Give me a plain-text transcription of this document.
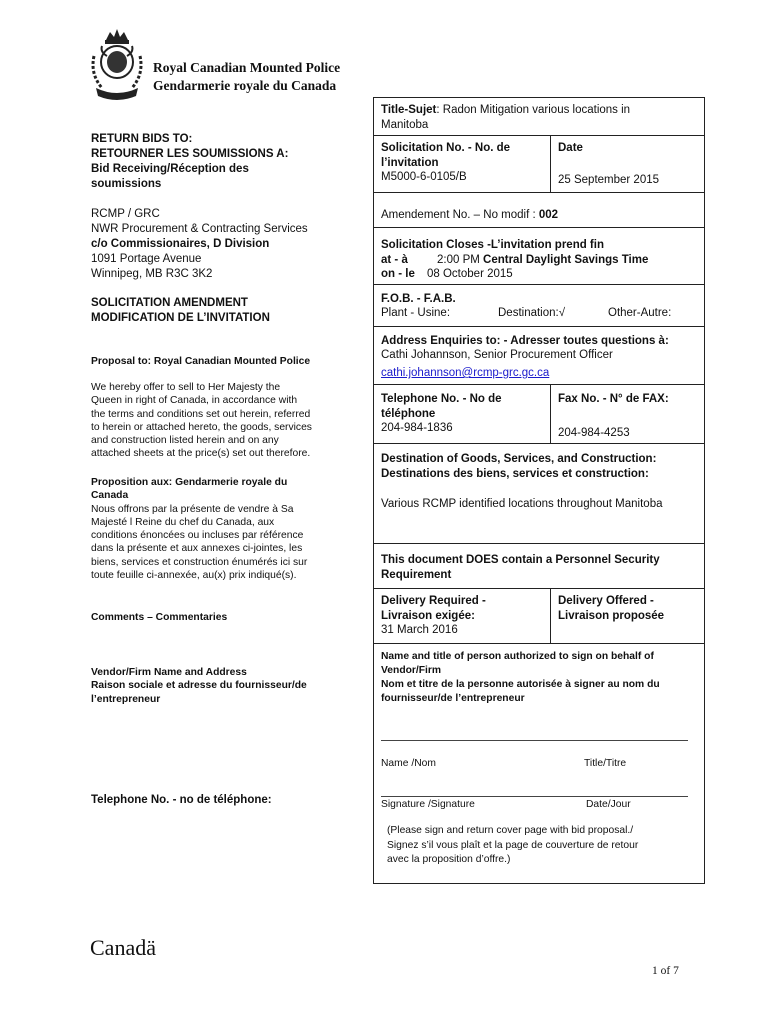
Royal Canadian Mounted Police
Gendarmerie royale du Canada
RETURN BIDS TO:
RETOURNER LES SOUMISSIONS A:
Bid Receiving/Réception des
soumissions
RCMP / GRC
NWR Procurement & Contracting Services
c/o Commissionaires, D Division
1091 Portage Avenue
Winnipeg, MB R3C 3K2
SOLICITATION AMENDMENT
MODIFICATION DE L’INVITATION
Proposal to: Royal Canadian Mounted Police
We hereby offer to sell to Her Majesty the
Queen in right of Canada, in accordance with
the terms and conditions set out herein, referred
to herein or attached hereto, the goods, services
and construction listed herein and on any
attached sheets at the price(s) set out therefore.
Proposition aux: Gendarmerie royale du
Canada
Nous offrons par la présente de vendre à Sa
Majesté l Reine du chef du Canada, aux
conditions énoncées ou incluses par référence
dans la présente et aux annexes ci-jointes, les
biens, services et construction énumérés ici sur
toute feuille ci-annexée, au(x) prix indiqué(s).
Comments – Commentaries
Vendor/Firm Name and Address
Raison sociale et adresse du fournisseur/de
l’entrepreneur
Telephone No. - no de téléphone:
Title-Sujet: Radon Mitigation various locations in
Manitoba
Solicitation No. - No. de
l’invitation
M5000-6-0105/B
Date
25 September 2015
Amendement No. – No modif : 002
Solicitation Closes -L’invitation prend fin
at - à	2:00 PM Central Daylight Savings Time
on - le 08 October 2015
F.O.B. - F.A.B.
Plant - Usine:	Destination:√	Other-Autre:
Address Enquiries to: - Adresser toutes questions à:
Cathi Johannson, Senior Procurement Officer
cathi.johannson@rcmp-grc.gc.ca
Telephone No. - No de
téléphone
204-984-1836
Fax No. - N° de FAX:
204-984-4253
Destination of Goods, Services, and Construction:
Destinations des biens, services et construction:
Various RCMP identified locations throughout Manitoba
This document DOES contain a Personnel Security
Requirement
Delivery Required -
Livraison exigée:
31 March 2016
Delivery Offered -
Livraison proposée
Name and title of person authorized to sign on behalf of
Vendor/Firm
Nom et titre de la personne autorisée à signer au nom du
fournisseur/de l’entrepreneur
Name /Nom	Title/Titre
Signature /Signature	Date/Jour
(Please sign and return cover page with bid proposal./
Signez s’il vous plaît et la page de couverture de retour
avec la proposition d’offre.)
Canadä
1 of 7
